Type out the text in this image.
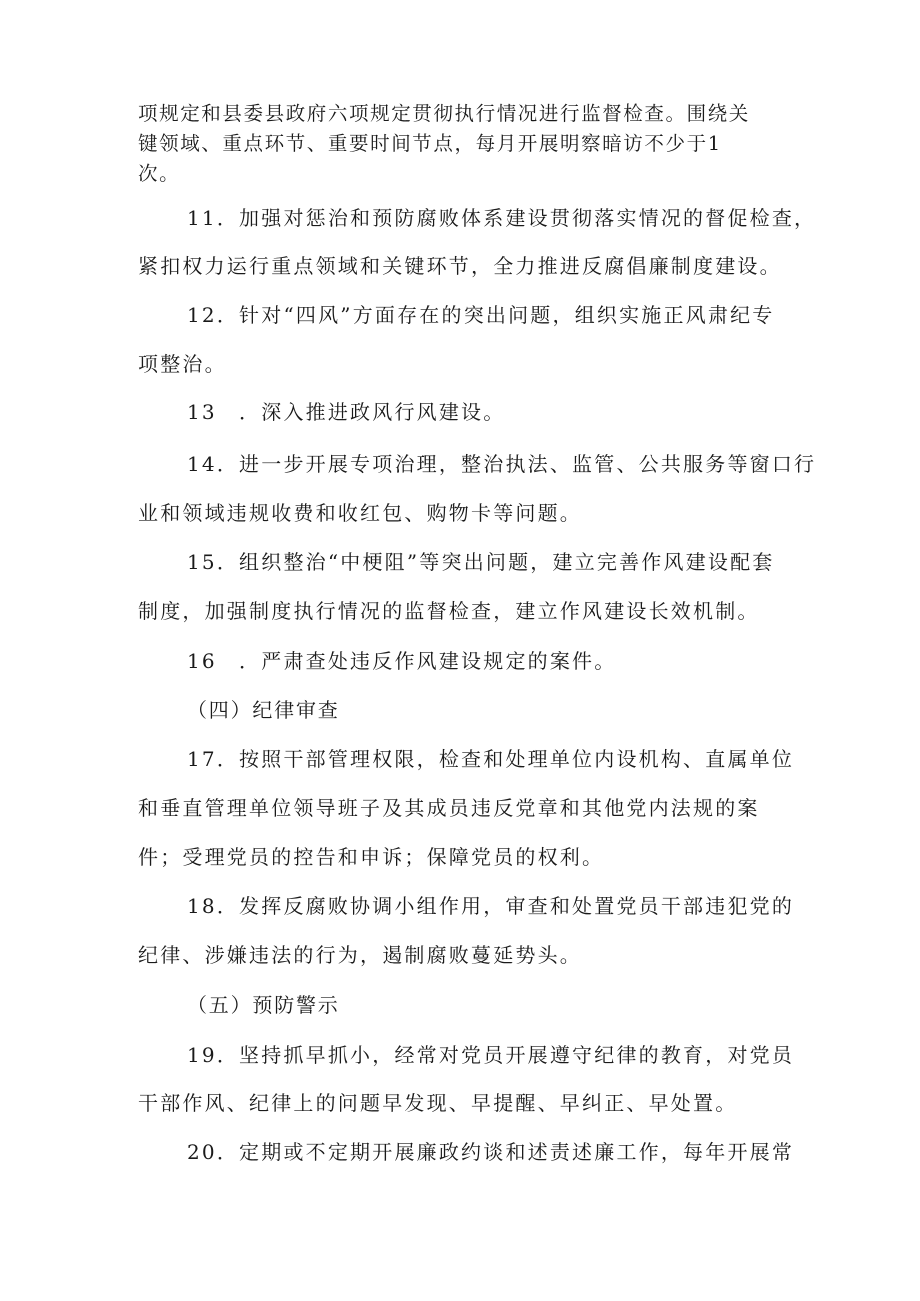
项规定和县委县政府六项规定贯彻执行情况进行监督检查。围绕关
键领域、重点环节、重要时间节点，每月开展明察暗访不少于1
次。
11．加强对惩治和预防腐败体系建设贯彻落实情况的督促检查，
紧扣权力运行重点领域和关键环节，全力推进反腐倡廉制度建设。
12．针对“四风”方面存在的突出问题，组织实施正风肃纪专
项整治。
13　．深入推进政风行风建设。
14．进一步开展专项治理，整治执法、监管、公共服务等窗口行
业和领域违规收费和收红包、购物卡等问题。
15．组织整治“中梗阻”等突出问题，建立完善作风建设配套
制度，加强制度执行情况的监督检查，建立作风建设长效机制。
16　．严肃查处违反作风建设规定的案件。
（四）纪律审查
17．按照干部管理权限，检查和处理单位内设机构、直属单位
和垂直管理单位领导班子及其成员违反党章和其他党内法规的案
件；受理党员的控告和申诉；保障党员的权利。
18．发挥反腐败协调小组作用，审查和处置党员干部违犯党的
纪律、涉嫌违法的行为，遏制腐败蔓延势头。
（五）预防警示
19．坚持抓早抓小，经常对党员开展遵守纪律的教育，对党员
干部作风、纪律上的问题早发现、早提醒、早纠正、早处置。
20．定期或不定期开展廉政约谈和述责述廉工作，每年开展常
